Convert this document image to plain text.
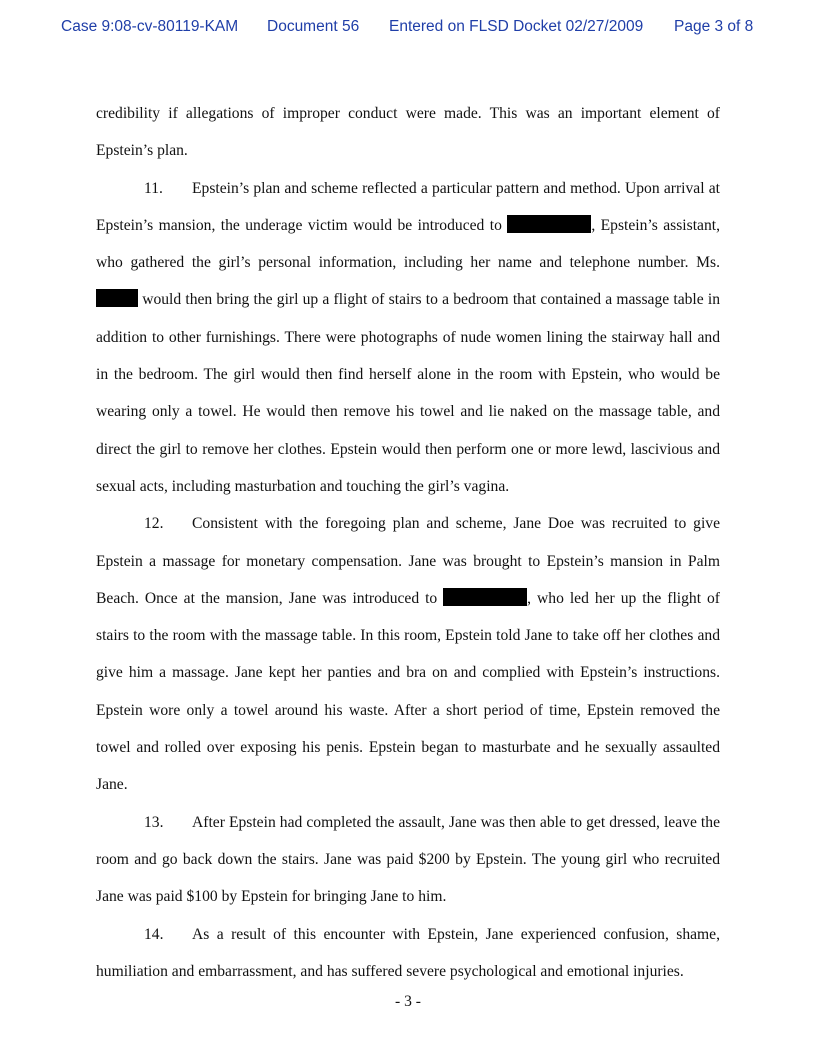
Case 9:08-cv-80119-KAM Document 56 Entered on FLSD Docket 02/27/2009 Page 3 of 8

credibility if allegations of improper conduct were made. This was an important element of Epstein’s plan.

11. Epstein’s plan and scheme reflected a particular pattern and method. Upon arrival at Epstein’s mansion, the underage victim would be introduced to	, Epstein’s assistant, who gathered the girl’s personal information, including her name and telephone number. Ms.  would then bring the girl up a flight of stairs to a bedroom that contained a massage table in addition to other furnishings. There were photographs of nude women lining the stairway hall and in the bedroom. The girl would then find herself alone in the room with Epstein, who would be wearing only a towel. He would then remove his towel and lie naked on the massage table, and direct the girl to remove her clothes. Epstein would then perform one or more lewd, lascivious and sexual acts, including masturbation and touching the girl’s vagina.

12. Consistent with the foregoing plan and scheme, Jane Doe was recruited to give Epstein a massage for monetary compensation. Jane was brought to Epstein’s mansion in Palm Beach. Once at the mansion, Jane was introduced to	, who led her up the flight of stairs to the room with the massage table. In this room, Epstein told Jane to take off her clothes and give him a massage. Jane kept her panties and bra on and complied with Epstein’s instructions. Epstein wore only a towel around his waste. After a short period of time, Epstein removed the towel and rolled over exposing his penis. Epstein began to masturbate and he sexually assaulted Jane.

13. After Epstein had completed the assault, Jane was then able to get dressed, leave the room and go back down the stairs. Jane was paid $200 by Epstein. The young girl who recruited Jane was paid $100 by Epstein for bringing Jane to him.

14. As a result of this encounter with Epstein, Jane experienced confusion, shame, humiliation and embarrassment, and has suffered severe psychological and emotional injuries.

- 3 -
